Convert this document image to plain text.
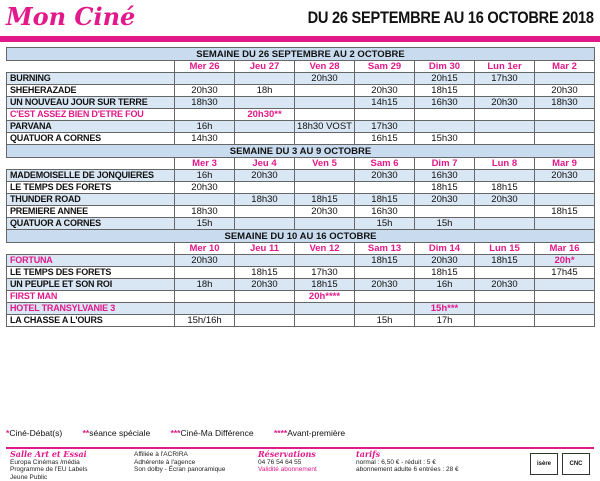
Mon Ciné	DU 26 SEPTEMBRE AU 16 OCTOBRE 2018
SEMAINE DU 26 SEPTEMBRE AU 2 OCTOBRE							
	Mer 26	Jeu 27	Ven 28	Sam 29	Dim 30	Lun 1er	Mar 2
BURNING			20h30		20h15	17h30	
SHEHERAZADE	20h30	18h		20h30	18h15		20h30
UN NOUVEAU JOUR SUR TERRE	18h30			14h15	16h30	20h30	18h30
C'EST ASSEZ BIEN D'ETRE FOU		20h30**					
PARVANA	16h		18h30 VOST	17h30			
QUATUOR A CORNES	14h30			16h15	15h30		
SEMAINE DU 3 AU 9 OCTOBRE							
	Mer 3	Jeu 4	Ven 5	Sam 6	Dim 7	Lun 8	Mar 9
MADEMOISELLE DE JONQUIERES	16h	20h30		20h30	16h30		20h30
LE TEMPS DES FORETS	20h30				18h15	18h15	
THUNDER ROAD		18h30	18h15	18h15	20h30	20h30	
PREMIERE ANNEE	18h30		20h30	16h30			18h15
QUATUOR A CORNES	15h			15h	15h		
SEMAINE DU 10 AU 16 OCTOBRE							
	Mer 10	Jeu 11	Ven 12	Sam 13	Dim 14	Lun 15	Mar 16
FORTUNA	20h30			18h15	20h30	18h15	20h*
LE TEMPS DES FORETS		18h15	17h30		18h15		17h45
UN PEUPLE ET SON ROI	18h	20h30	18h15	20h30	16h	20h30	
FIRST MAN			20h****				
HOTEL TRANSYLVANIE 3					15h***		
LA CHASSE A L'OURS	15h/16h			15h	17h		
*Ciné-Débat(s) **séance spéciale ***Ciné-Ma Différence ****Avant-première
Salle Art et Essai
Europa Cinémas /média
Programme de l'EU Labels
Jeune Public
Affiliée à l'ACRIRA
Adhérente à l'agence
Son dolby - Écran panoramique
Réservations
04 76 54 64 55
Validité abonnement
tarifs
normal : 6,50 € - réduit : 5 €
abonnement adulte 6 entrées : 28 €
isère	CNC
